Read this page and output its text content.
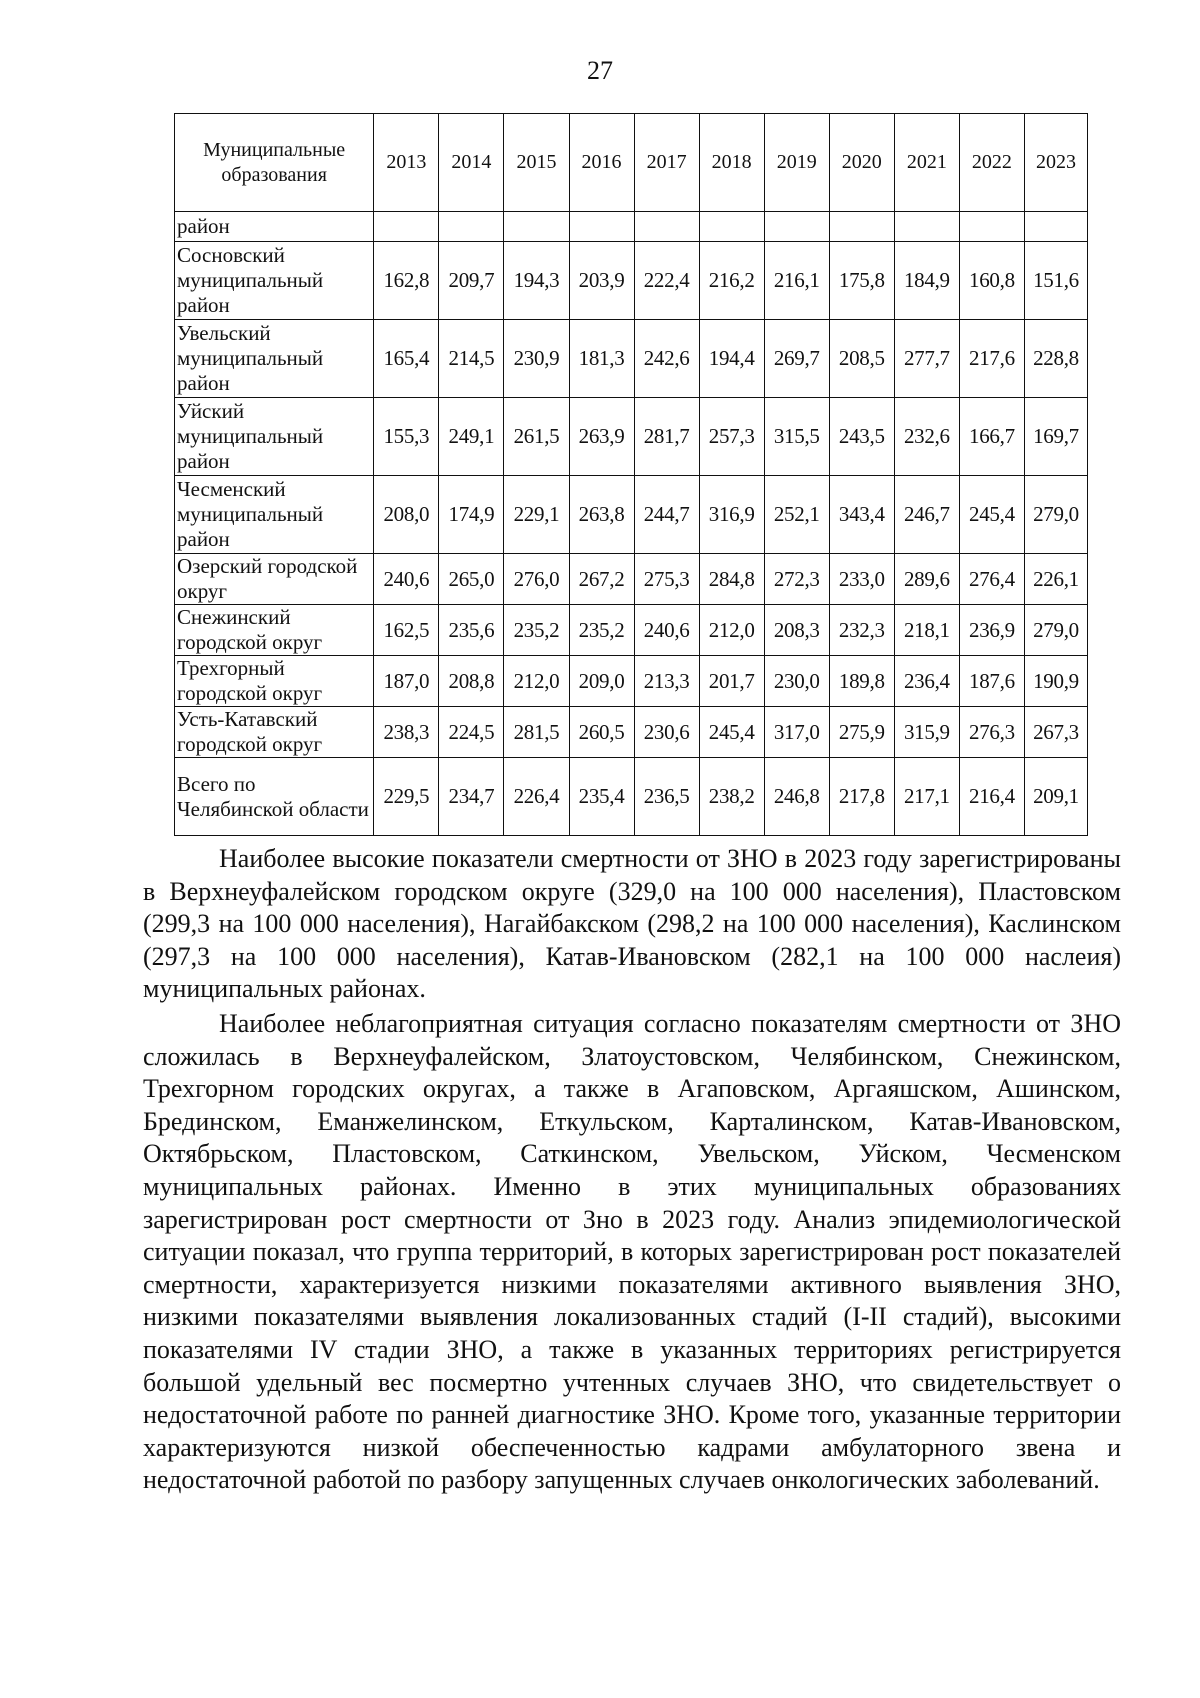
27
Муниципальные образования	2013	2014	2015	2016	2017	2018	2019	2020	2021	2022	2023
район											
Сосновский муниципальный район	162,8	209,7	194,3	203,9	222,4	216,2	216,1	175,8	184,9	160,8	151,6
Увельский муниципальный район	165,4	214,5	230,9	181,3	242,6	194,4	269,7	208,5	277,7	217,6	228,8
Уйский муниципальный район	155,3	249,1	261,5	263,9	281,7	257,3	315,5	243,5	232,6	166,7	169,7
Чесменский муниципальный район	208,0	174,9	229,1	263,8	244,7	316,9	252,1	343,4	246,7	245,4	279,0
Озерский городской округ	240,6	265,0	276,0	267,2	275,3	284,8	272,3	233,0	289,6	276,4	226,1
Снежинский городской округ	162,5	235,6	235,2	235,2	240,6	212,0	208,3	232,3	218,1	236,9	279,0
Трехгорный городской округ	187,0	208,8	212,0	209,0	213,3	201,7	230,0	189,8	236,4	187,6	190,9
Усть-Катавский городской округ	238,3	224,5	281,5	260,5	230,6	245,4	317,0	275,9	315,9	276,3	267,3
Всего по Челябинской области	229,5	234,7	226,4	235,4	236,5	238,2	246,8	217,8	217,1	216,4	209,1

Наиболее высокие показатели смертности от ЗНО в 2023 году зарегистрированы в Верхнеуфалейском городском округе (329,0 на 100 000 населения), Пластовском (299,3 на 100 000 населения), Нагайбакском (298,2 на 100 000 населения), Каслинском (297,3 на 100 000 населения), Катав-Ивановском (282,1 на 100 000 наслеия) муниципальных районах.

Наиболее неблагоприятная ситуация согласно показателям смертности от ЗНО сложилась в Верхнеуфалейском, Златоустовском, Челябинском, Снежинском, Трехгорном городских округах, а также в Агаповском, Аргаяшском, Ашинском, Брединском, Еманжелинском, Еткульском, Карталинском, Катав-Ивановском, Октябрьском, Пластовском, Саткинском, Увельском, Уйском, Чесменском муниципальных районах. Именно в этих муниципальных образованиях зарегистрирован рост смертности от Зно в 2023 году. Анализ эпидемиологической ситуации показал, что группа территорий, в которых зарегистрирован рост показателей смертности, характеризуется низкими показателями активного выявления ЗНО, низкими показателями выявления локализованных стадий (I-II стадий), высокими показателями IV стадии ЗНО, а также в указанных территориях регистрируется большой удельный вес посмертно учтенных случаев ЗНО, что свидетельствует о недостаточной работе по ранней диагностике ЗНО. Кроме того, указанные территории характеризуются низкой обеспеченностью кадрами амбулаторного звена и недостаточной работой по разбору запущенных случаев онкологических заболеваний.
